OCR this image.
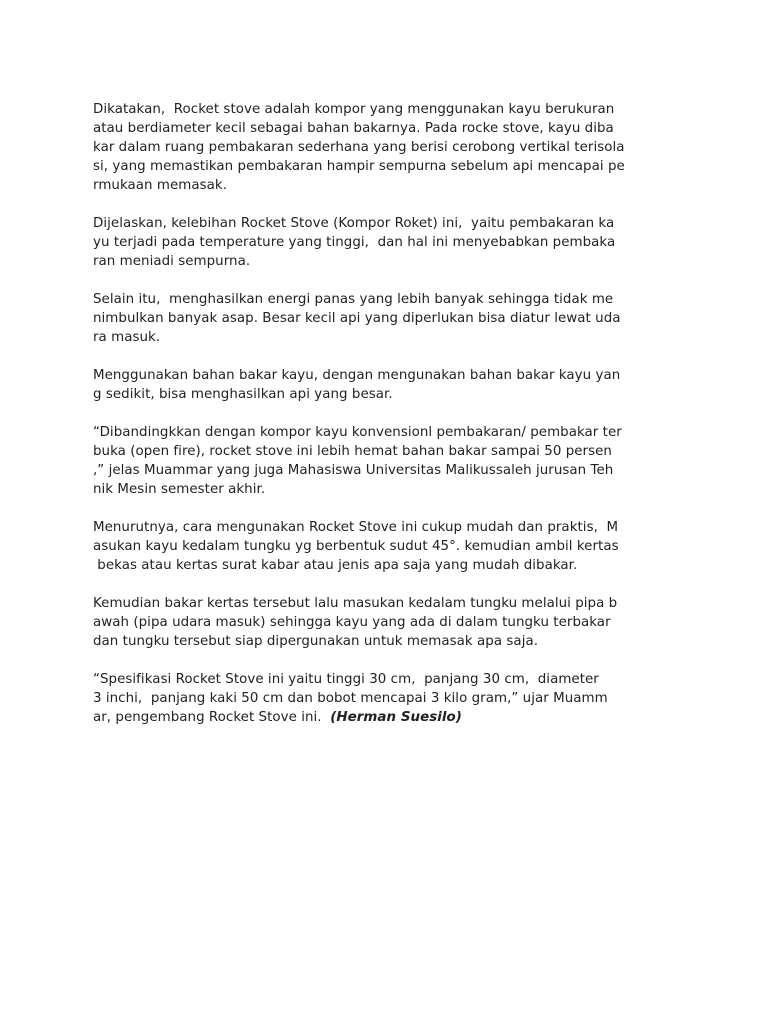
Dikatakan,  Rocket stove adalah kompor yang menggunakan kayu berukuran
atau berdiameter kecil sebagai bahan bakarnya. Pada rocke stove, kayu diba
kar dalam ruang pembakaran sederhana yang berisi cerobong vertikal terisola
si, yang memastikan pembakaran hampir sempurna sebelum api mencapai pe
rmukaan memasak.

Dijelaskan, kelebihan Rocket Stove (Kompor Roket) ini,  yaitu pembakaran ka
yu terjadi pada temperature yang tinggi,  dan hal ini menyebabkan pembaka
ran meniadi sempurna.

Selain itu,  menghasilkan energi panas yang lebih banyak sehingga tidak me
nimbulkan banyak asap. Besar kecil api yang diperlukan bisa diatur lewat uda
ra masuk.

Menggunakan bahan bakar kayu, dengan mengunakan bahan bakar kayu yan
g sedikit, bisa menghasilkan api yang besar.

“Dibandingkkan dengan kompor kayu konvensionl pembakaran/ pembakar ter
buka (open fire), rocket stove ini lebih hemat bahan bakar sampai 50 persen
,” jelas Muammar yang juga Mahasiswa Universitas Malikussaleh jurusan Teh
nik Mesin semester akhir.

Menurutnya, cara mengunakan Rocket Stove ini cukup mudah dan praktis,  M
asukan kayu kedalam tungku yg berbentuk sudut 45°. kemudian ambil kertas
bekas atau kertas surat kabar atau jenis apa saja yang mudah dibakar.

Kemudian bakar kertas tersebut lalu masukan kedalam tungku melalui pipa b
awah (pipa udara masuk) sehingga kayu yang ada di dalam tungku terbakar
dan tungku tersebut siap dipergunakan untuk memasak apa saja.

“Spesifikasi Rocket Stove ini yaitu tinggi 30 cm,  panjang 30 cm,  diameter
3 inchi,  panjang kaki 50 cm dan bobot mencapai 3 kilo gram,” ujar Muamm
ar, pengembang Rocket Stove ini.  (Herman Suesilo)
